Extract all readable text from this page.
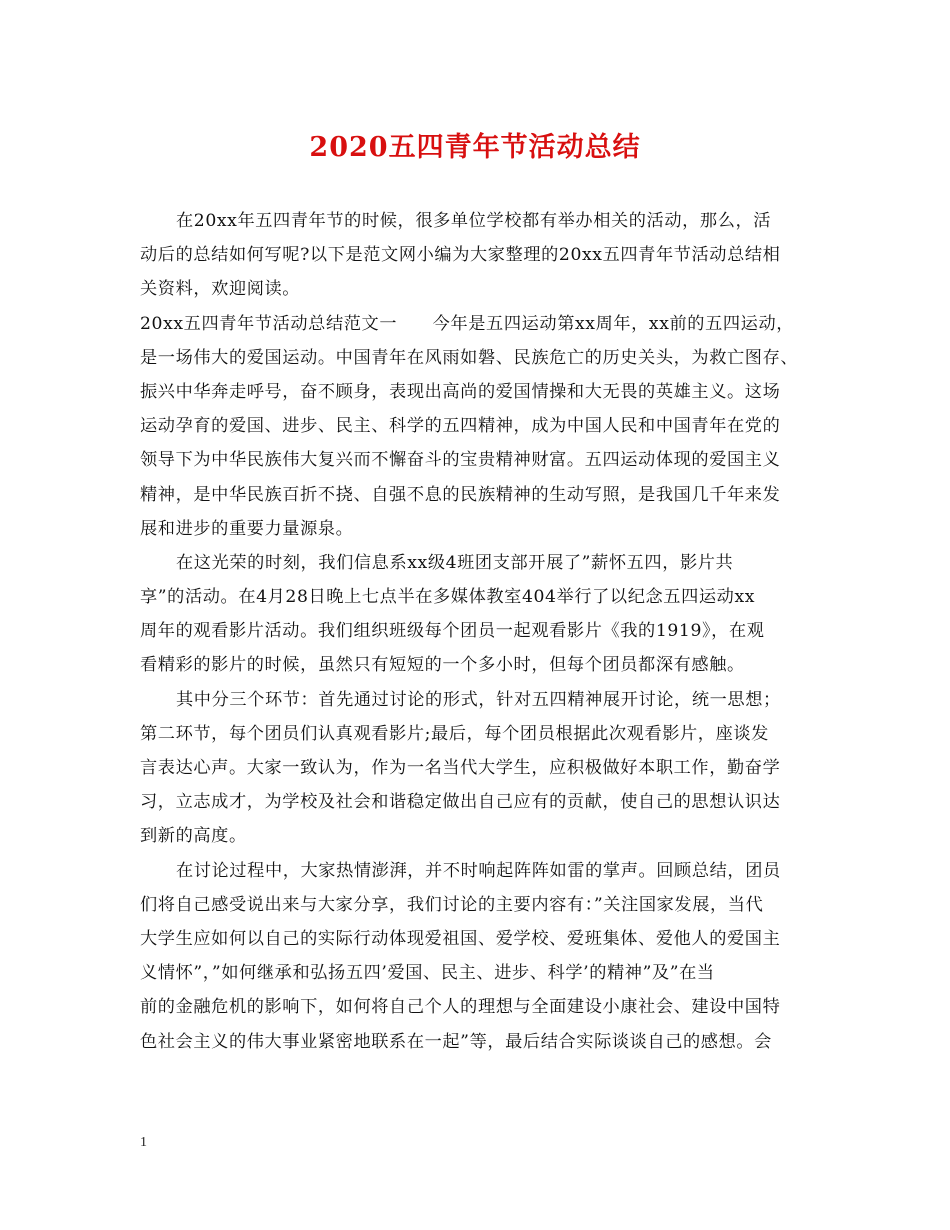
2020五四青年节活动总结
在20xx年五四青年节的时候，很多单位学校都有举办相关的活动，那么，活
动后的总结如何写呢?以下是范文网小编为大家整理的20xx五四青年节活动总结相
关资料，欢迎阅读。
20xx五四青年节活动总结范文一　　今年是五四运动第xx周年，xx前的五四运动，
是一场伟大的爱国运动。中国青年在风雨如磐、民族危亡的历史关头，为救亡图存、
振兴中华奔走呼号，奋不顾身，表现出高尚的爱国情操和大无畏的英雄主义。这场
运动孕育的爱国、进步、民主、科学的五四精神，成为中国人民和中国青年在党的
领导下为中华民族伟大复兴而不懈奋斗的宝贵精神财富。五四运动体现的爱国主义
精神，是中华民族百折不挠、自强不息的民族精神的生动写照，是我国几千年来发
展和进步的重要力量源泉。
在这光荣的时刻，我们信息系xx级4班团支部开展了”薪怀五四，影片共
享”的活动。在4月28日晚上七点半在多媒体教室404举行了以纪念五四运动xx
周年的观看影片活动。我们组织班级每个团员一起观看影片《我的1919》，在观
看精彩的影片的时候，虽然只有短短的一个多小时，但每个团员都深有感触。
其中分三个环节：首先通过讨论的形式，针对五四精神展开讨论，统一思想；
第二环节，每个团员们认真观看影片;最后，每个团员根据此次观看影片，座谈发
言表达心声。大家一致认为，作为一名当代大学生，应积极做好本职工作，勤奋学
习，立志成才，为学校及社会和谐稳定做出自己应有的贡献，使自己的思想认识达
到新的高度。
在讨论过程中，大家热情澎湃，并不时响起阵阵如雷的掌声。回顾总结，团员
们将自己感受说出来与大家分享，我们讨论的主要内容有：”关注国家发展，当代
大学生应如何以自己的实际行动体现爱祖国、爱学校、爱班集体、爱他人的爱国主
义情怀”，”如何继承和弘扬五四’爱国、民主、进步、科学’的精神”及”在当
前的金融危机的影响下，如何将自己个人的理想与全面建设小康社会、建设中国特
色社会主义的伟大事业紧密地联系在一起”等，最后结合实际谈谈自己的感想。会
1
